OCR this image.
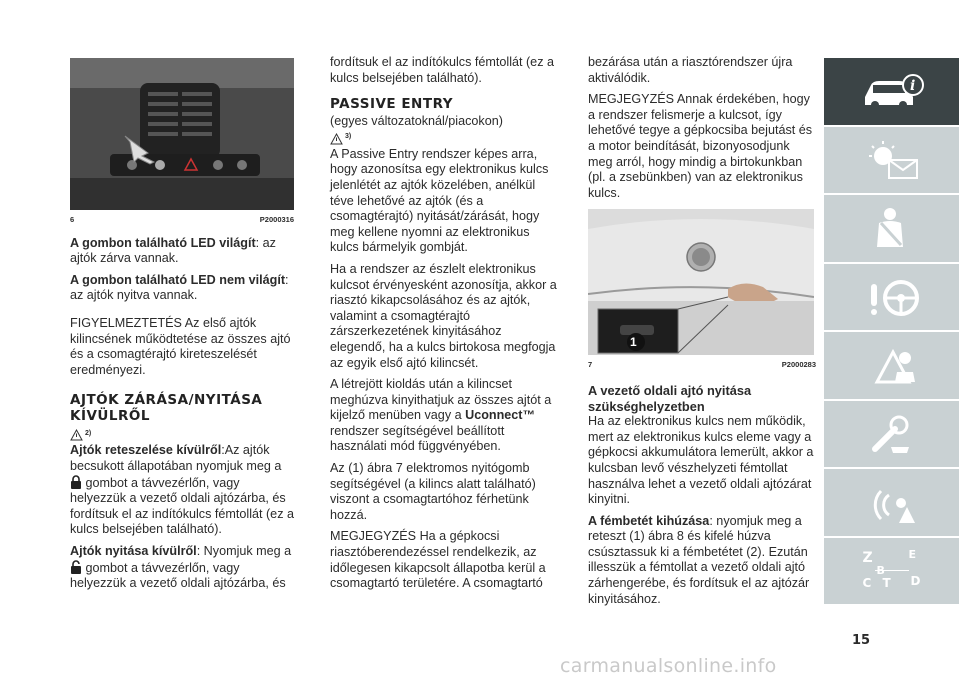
6	P2000316

A gombon található LED világít: az ajtók zárva vannak.

A gombon található LED nem világít: az ajtók nyitva vannak.

FIGYELMEZTETÉS Az első ajtók kilincsének működtetése az összes ajtó és a csomagtérajtó kireteszelését eredményezi.

AJTÓK ZÁRÁSA/NYITÁSA KÍVÜLRŐL
2)

Ajtók reteszelése kívülről:Az ajtók becsukott állapotában nyomjuk meg a  gombot a távvezérlőn, vagy helyezzük a vezető oldali ajtózárba, és fordítsuk el az indítókulcs fémtollát (ez a kulcs belsejében található).

Ajtók nyitása kívülről: Nyomjuk meg a  gombot a távvezérlőn, vagy helyezzük a vezető oldali ajtózárba, és

fordítsuk el az indítókulcs fémtollát (ez a kulcs belsejében található).

PASSIVE ENTRY

(egyes változatoknál/piacokon)

3)

A Passive Entry rendszer képes arra, hogy azonosítsa egy elektronikus kulcs jelenlétét az ajtók közelében, anélkül téve lehetővé az ajtók (és a csomagtérajtó) nyitását/zárását, hogy meg kellene nyomni az elektronikus kulcs bármelyik gombját.

Ha a rendszer az észlelt elektronikus kulcsot érvényesként azonosítja, akkor a riasztó kikapcsolásához és az ajtók, valamint a csomagtérajtó zárszerkezetének kinyitásához elegendő, ha a kulcs birtokosa megfogja az egyik első ajtó kilincsét.

A létrejött kioldás után a kilincset meghúzva kinyithatjuk az összes ajtót a kijelző menüben vagy a Uconnect™ rendszer segítségével beállított használati mód függvényében.

Az (1) ábra 7 elektromos nyitógomb segítségével (a kilincs alatt található) viszont a csomagtartóhoz férhetünk hozzá.

MEGJEGYZÉS Ha a gépkocsi riasztóberendezéssel rendelkezik, az időlegesen kikapcsolt állapotba kerül a csomagtartó területére. A csomagtartó

bezárása után a riasztórendszer újra aktiválódik.

MEGJEGYZÉS Annak érdekében, hogy a rendszer felismerje a kulcsot, így lehetővé tegye a gépkocsiba bejutást és a motor beindítását, bizonyosodjunk meg arról, hogy mindig a birtokunkban (pl. a zsebünkben) van az elektronikus kulcs.

1
7	P2000283
A vezető oldali ajtó nyitása szükséghelyzetben

Ha az elektronikus kulcs nem működik, mert az elektronikus kulcs eleme vagy a gépkocsi akkumulátora lemerült, akkor a kulcsban levő vészhelyzeti fémtollat használva lehet a vezető oldali ajtózárat kinyitni.

A fémbetét kihúzása: nyomjuk meg a reteszt (1) ábra 8 és kifelé húzva csúsztassuk ki a fémbetétet (2). Ezután illesszük a fémtollat a vezető oldali ajtó zárhengerébe, és fordítsuk el az ajtózár kinyitásához.

i
Z	E
C T D
15
carmanualsonline.info
